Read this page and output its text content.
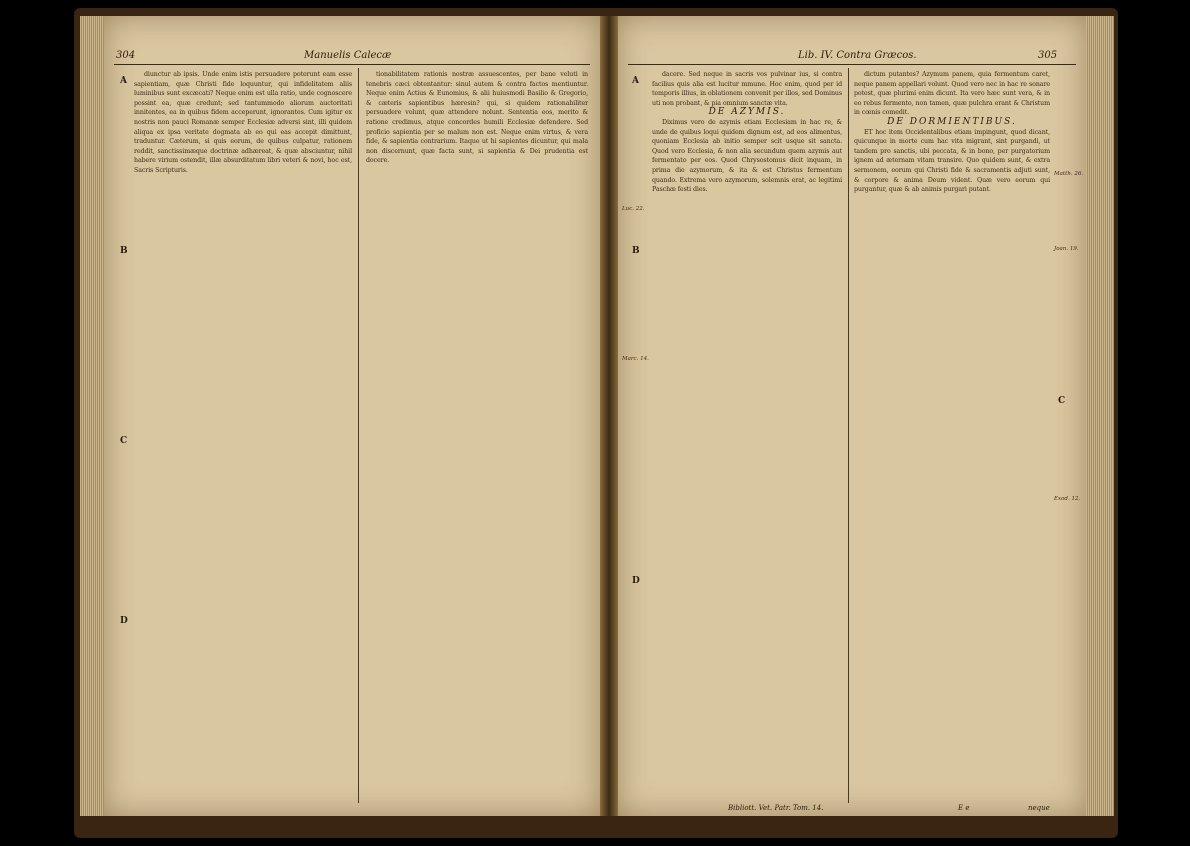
304	Manuelis Calecæ
A
B
C
D

diunctur ab ipsis. Unde enim istis persuadere poterunt eam esse sapientiam, quæ Christi fide loquuntur, qui infidelitatem aliis luminibus sunt excæcati? Neque enim est ulla ratio, unde cognoscere possint ea, quæ credunt; sed tantummodo aliorum auctoritati innitentes, ea in quibus fidem acceperunt, ignorantes. Cum igitur ex nostris non pauci Romanæ semper Ecclesiæ adversi sint, illi quidem aliqua ex ipsa veritate dogmata ab eo qui eas accepit dimittunt, traduntur. Cæterum, si quis eorum, de quibus culpatur, rationem reddit, sanctissimæque doctrinæ adhæreat, & quæ absciuntur, nihil habere virium ostendit, illæ absurditatum libri veteri & novi, hoc est, Sacris Scripturis.

tionabilitatem rationis nostræ assuescentes, per bane veluti in tenebris cæci obtentantur: sinul autem & contra factos mentiuntur. Neque enim Actius & Eunomius, & alii huiusmodi Basilio & Gregorio, & cæteris sapientibus hæresin? qui, si quidem rationabiliter persuadere volunt, quæ attendere nolunt. Sententia eos, merito & ratione credimus, atque concordes humili Ecclesiæ defendere. Sed proficio sapientia per se malum non est. Neque enim virtus, & vera fide, & sapientia contrarium. Itaque ut hi sapientes dicuntur, qui mala non discernunt, quæ facta sunt, si sapientia & Dei prudentia est docere.

Lib. IV. Contra Græcos.	305
A
B
C
D
Luc. 22.
Marc. 14.
Matth. 26.
Joan. 19.
Exod. 12.

dacere. Sed neque in sacris vos pulvinar ius, si contra facilius quis alia est lucitur mmune. Hoc enim, quod per id temporis illius, in oblationem convenit per illos, sed Dominus uti non probant, & pia omnium sanctæ vita.

DE AZYMIS.

Diximus vero de azymis etiam Ecclesiam in hac re, & unde de quibus loqui quidem dignum est, ad eos alimentus, quoniam Ecclesia ab initio semper scit usque sit sancta. Quod vero Ecclesia, & non alia secundum quem azymis aut fermentato per eos. Quod Chrysostomus dicit inquam, in prima die azymorum, & ita & est Christus fermentum quando. Extrema vero azymorum, solemnis erat, ac legitimi Paschæ festi dies.

dictum putantes? Azymum panem, quia fermentum caret, neque panem appellari volunt. Quod vero nec in hac re sonare potest, quæ plurimi enim dicunt. Ita vero hæc sunt vera, & in eo rebus fermento, non tamen, quæ pulchra erant & Christum in cœnis comedit.

DE DORMIENTIBUS.

ET hoc item Occidentalibus etiam impingunt, quod dicant, quicunque in morte cum hac vita migrant, sint purgandi, ut tandem pro sanctis, ubi peccata, & in bono, per purgatorium ignem ad æternam vitam transire. Quo quidem sunt, & extra sermonem, eorum qui Christi fide & sacramentis adjuti sunt, & corpore & anima Deum vident. Quæ vero eorum qui purgantur, quæ & ab animis purgari putant.

Bibliott. Vet. Patr. Tom. 14.	E e	neque
